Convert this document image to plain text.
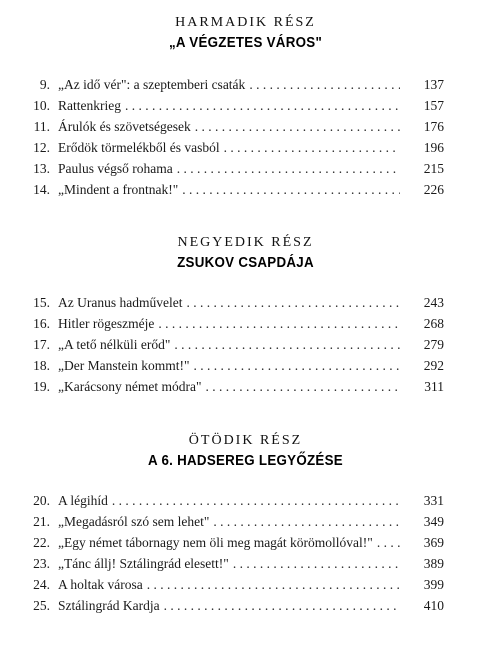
HARMADIK RÉSZ
„A VÉGZETES VÁROS"
9. „Az idő vér": a szeptemberi csaták . . .	137
10. Rattenkrieg . . .	157
11. Árulók és szövetségesek . . .	176
12. Erődök törmelékből és vasból . . .	196
13. Paulus végső rohama . . .	215
14. „Mindent a frontnak!" . . .	226
NEGYEDIK RÉSZ
ZSUKOV CSAPDÁJA
15. Az Uranus hadművelet . . .	243
16. Hitler rögeszméje . . .	268
17. „A tető nélküli erőd" . . .	279
18. „Der Manstein kommt!" . . .	292
19. „Karácsony német módra" . . .	311
ÖTÖDIK RÉSZ
A 6. HADSEREG LEGYŐZÉSE
20. A légihíd . . .	331
21. „Megadásról szó sem lehet" . . .	349
22. „Egy német tábornagy nem öli meg magát körömollóval!" . . .	369
23. „Tánc állj! Sztálingrád elesett!" . . .	389
24. A holtak városa . . .	399
25. Sztálingrád Kardja . . .	410
